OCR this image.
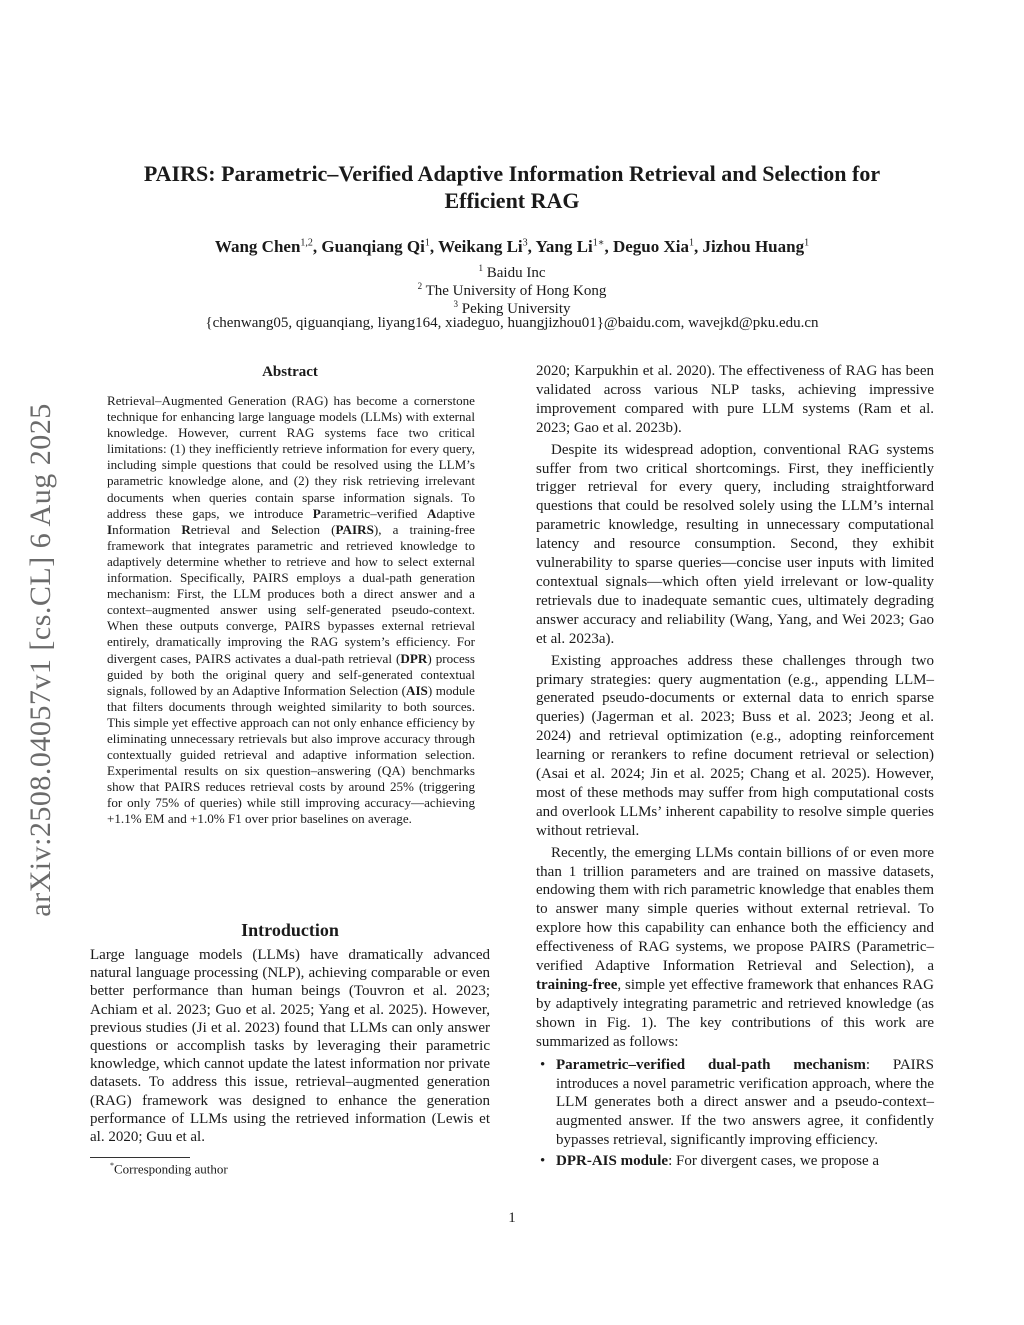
arXiv:2508.04057v1 [cs.CL] 6 Aug 2025
PAIRS: Parametric–Verified Adaptive Information Retrieval and Selection for
Efficient RAG
Wang Chen$^{1,2}$, Guanqiang Qi$^1$, Weikang Li$^3$, Yang $Li^{1∗}$, Deguo Xia$^1$, Jizhou Huang$^1$
$^1$ Baidu Inc
$^2$ The University of Hong Kong
$^3$ Peking University
{chenwang05, qiguanqiang, liyang164, xiadeguo, huangjizhou01}@baidu.com, wavejkd@pku.edu.cn
Abstract
Retrieval–Augmented Generation (RAG) has become a cornerstone technique for enhancing large language models (LLMs) with external knowledge. However, current RAG systems face two critical limitations: (1) they inefficiently retrieve information for every query, including simple questions that could be resolved using the LLM’s parametric knowledge alone, and (2) they risk retrieving irrelevant documents when queries contain sparse information signals. To address these gaps, we introduce Parametric–verified Adaptive Information Retrieval and Selection (PAIRS), a training-free framework that integrates parametric and retrieved knowledge to adaptively determine whether to retrieve and how to select external information. Specifically, PAIRS employs a dual-path generation mechanism: First, the LLM produces both a direct answer and a context–augmented answer using self-generated pseudo-context. When these outputs converge, PAIRS bypasses external retrieval entirely, dramatically improving the RAG system’s efficiency. For divergent cases, PAIRS activates a dual-path retrieval (DPR) process guided by both the original query and self-generated contextual signals, followed by an Adaptive Information Selection (AIS) module that filters documents through weighted similarity to both sources. This simple yet effective approach can not only enhance efficiency by eliminating unnecessary retrievals but also improve accuracy through contextually guided retrieval and adaptive information selection. Experimental results on six question–answering (QA) benchmarks show that PAIRS reduces retrieval costs by around 25% (triggering for only 75% of queries) while still improving accuracy—achieving +1.1% EM and +1.0% F1 over prior baselines on average.
Introduction
Large language models (LLMs) have dramatically advanced natural language processing (NLP), achieving comparable or even better performance than human beings (Touvron et al. 2023; Achiam et al. 2023; Guo et al. 2025; Yang et al. 2025). However, previous studies (Ji et al. 2023) found that LLMs can only answer questions or accomplish tasks by leveraging their parametric knowledge, which cannot update the latest information nor private datasets. To address this issue, retrieval–augmented generation (RAG) framework was designed to enhance the generation performance of LLMs using the retrieved information (Lewis et al. 2020; Guu et al.

2020; Karpukhin et al. 2020). The effectiveness of RAG has been validated across various NLP tasks, achieving impressive improvement compared with pure LLM systems (Ram et al. 2023; Gao et al. 2023b).

Despite its widespread adoption, conventional RAG systems suffer from two critical shortcomings. First, they inefficiently trigger retrieval for every query, including straightforward questions that could be resolved solely using the LLM’s internal parametric knowledge, resulting in unnecessary computational latency and resource consumption. Second, they exhibit vulnerability to sparse queries—concise user inputs with limited contextual signals—which often yield irrelevant or low-quality retrievals due to inadequate semantic cues, ultimately degrading answer accuracy and reliability (Wang, Yang, and Wei 2023; Gao et al. 2023a).

Existing approaches address these challenges through two primary strategies: query augmentation (e.g., appending LLM–generated pseudo-documents or external data to enrich sparse queries) (Jagerman et al. 2023; Buss et al. 2023; Jeong et al. 2024) and retrieval optimization (e.g., adopting reinforcement learning or rerankers to refine document retrieval or selection) (Asai et al. 2024; Jin et al. 2025; Chang et al. 2025). However, most of these methods may suffer from high computational costs and overlook LLMs’ inherent capability to resolve simple queries without retrieval.

Recently, the emerging LLMs contain billions of or even more than 1 trillion parameters and are trained on massive datasets, endowing them with rich parametric knowledge that enables them to answer many simple queries without external retrieval. To explore how this capability can enhance both the efficiency and effectiveness of RAG systems, we propose PAIRS (Parametric–verified Adaptive Information Retrieval and Selection), a training-free, simple yet effective framework that enhances RAG by adaptively integrating parametric and retrieved knowledge (as shown in Fig. 1). The key contributions of this work are summarized as follows:

• Parametric–verified dual-path mechanism: PAIRS introduces a novel parametric verification approach, where the LLM generates both a direct answer and a pseudo-context–augmented answer. If the two answers agree, it confidently bypasses retrieval, significantly improving efficiency.
• DPR-AIS module: For divergent cases, we propose a
*Corresponding author
1
